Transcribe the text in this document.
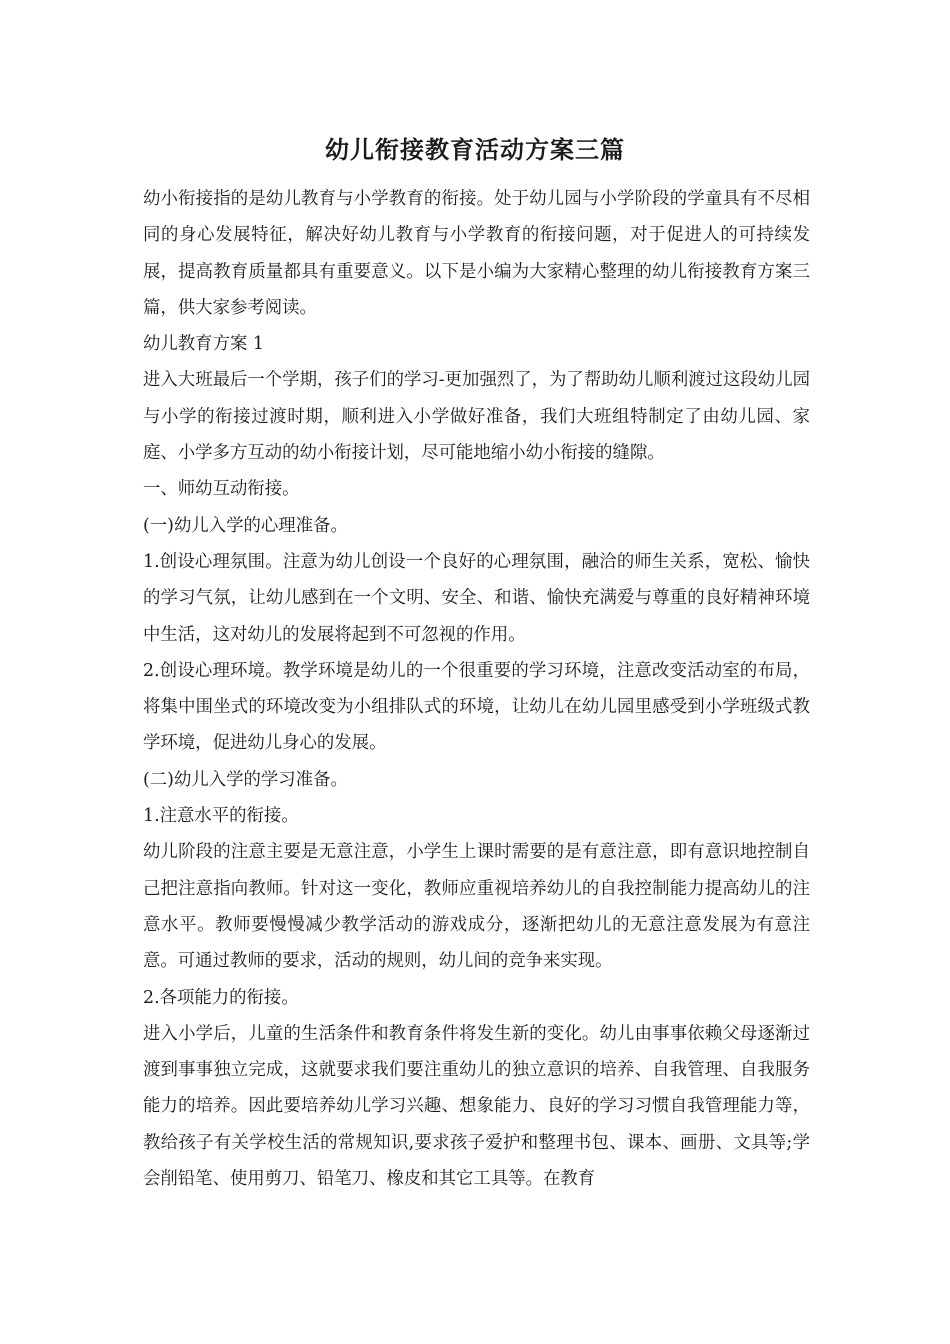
幼儿衔接教育活动方案三篇

幼小衔接指的是幼儿教育与小学教育的衔接。处于幼儿园与小学阶段的学童具有不尽相同的身心发展特征，解决好幼儿教育与小学教育的衔接问题，对于促进人的可持续发展，提高教育质量都具有重要意义。以下是小编为大家精心整理的幼儿衔接教育方案三篇，供大家参考阅读。

幼儿教育方案 1

进入大班最后一个学期，孩子们的学习-更加强烈了，为了帮助幼儿顺利渡过这段幼儿园与小学的衔接过渡时期，顺利进入小学做好准备，我们大班组特制定了由幼儿园、家庭、小学多方互动的幼小衔接计划，尽可能地缩小幼小衔接的缝隙。

一、师幼互动衔接。

(一)幼儿入学的心理准备。

1.创设心理氛围。注意为幼儿创设一个良好的心理氛围，融洽的师生关系，宽松、愉快的学习气氛，让幼儿感到在一个文明、安全、和谐、愉快充满爱与尊重的良好精神环境中生活，这对幼儿的发展将起到不可忽视的作用。

2.创设心理环境。教学环境是幼儿的一个很重要的学习环境，注意改变活动室的布局，将集中围坐式的环境改变为小组排队式的环境，让幼儿在幼儿园里感受到小学班级式教学环境，促进幼儿身心的发展。

(二)幼儿入学的学习准备。

1.注意水平的衔接。

幼儿阶段的注意主要是无意注意，小学生上课时需要的是有意注意，即有意识地控制自己把注意指向教师。针对这一变化，教师应重视培养幼儿的自我控制能力提高幼儿的注意水平。教师要慢慢减少教学活动的游戏成分，逐渐把幼儿的无意注意发展为有意注意。可通过教师的要求，活动的规则，幼儿间的竞争来实现。

2.各项能力的衔接。

进入小学后，儿童的生活条件和教育条件将发生新的变化。幼儿由事事依赖父母逐渐过渡到事事独立完成，这就要求我们要注重幼儿的独立意识的培养、自我管理、自我服务能力的培养。因此要培养幼儿学习兴趣、想象能力、良好的学习习惯自我管理能力等，教给孩子有关学校生活的常规知识,要求孩子爱护和整理书包、课本、画册、文具等;学会削铅笔、使用剪刀、铅笔刀、橡皮和其它工具等。在教育
